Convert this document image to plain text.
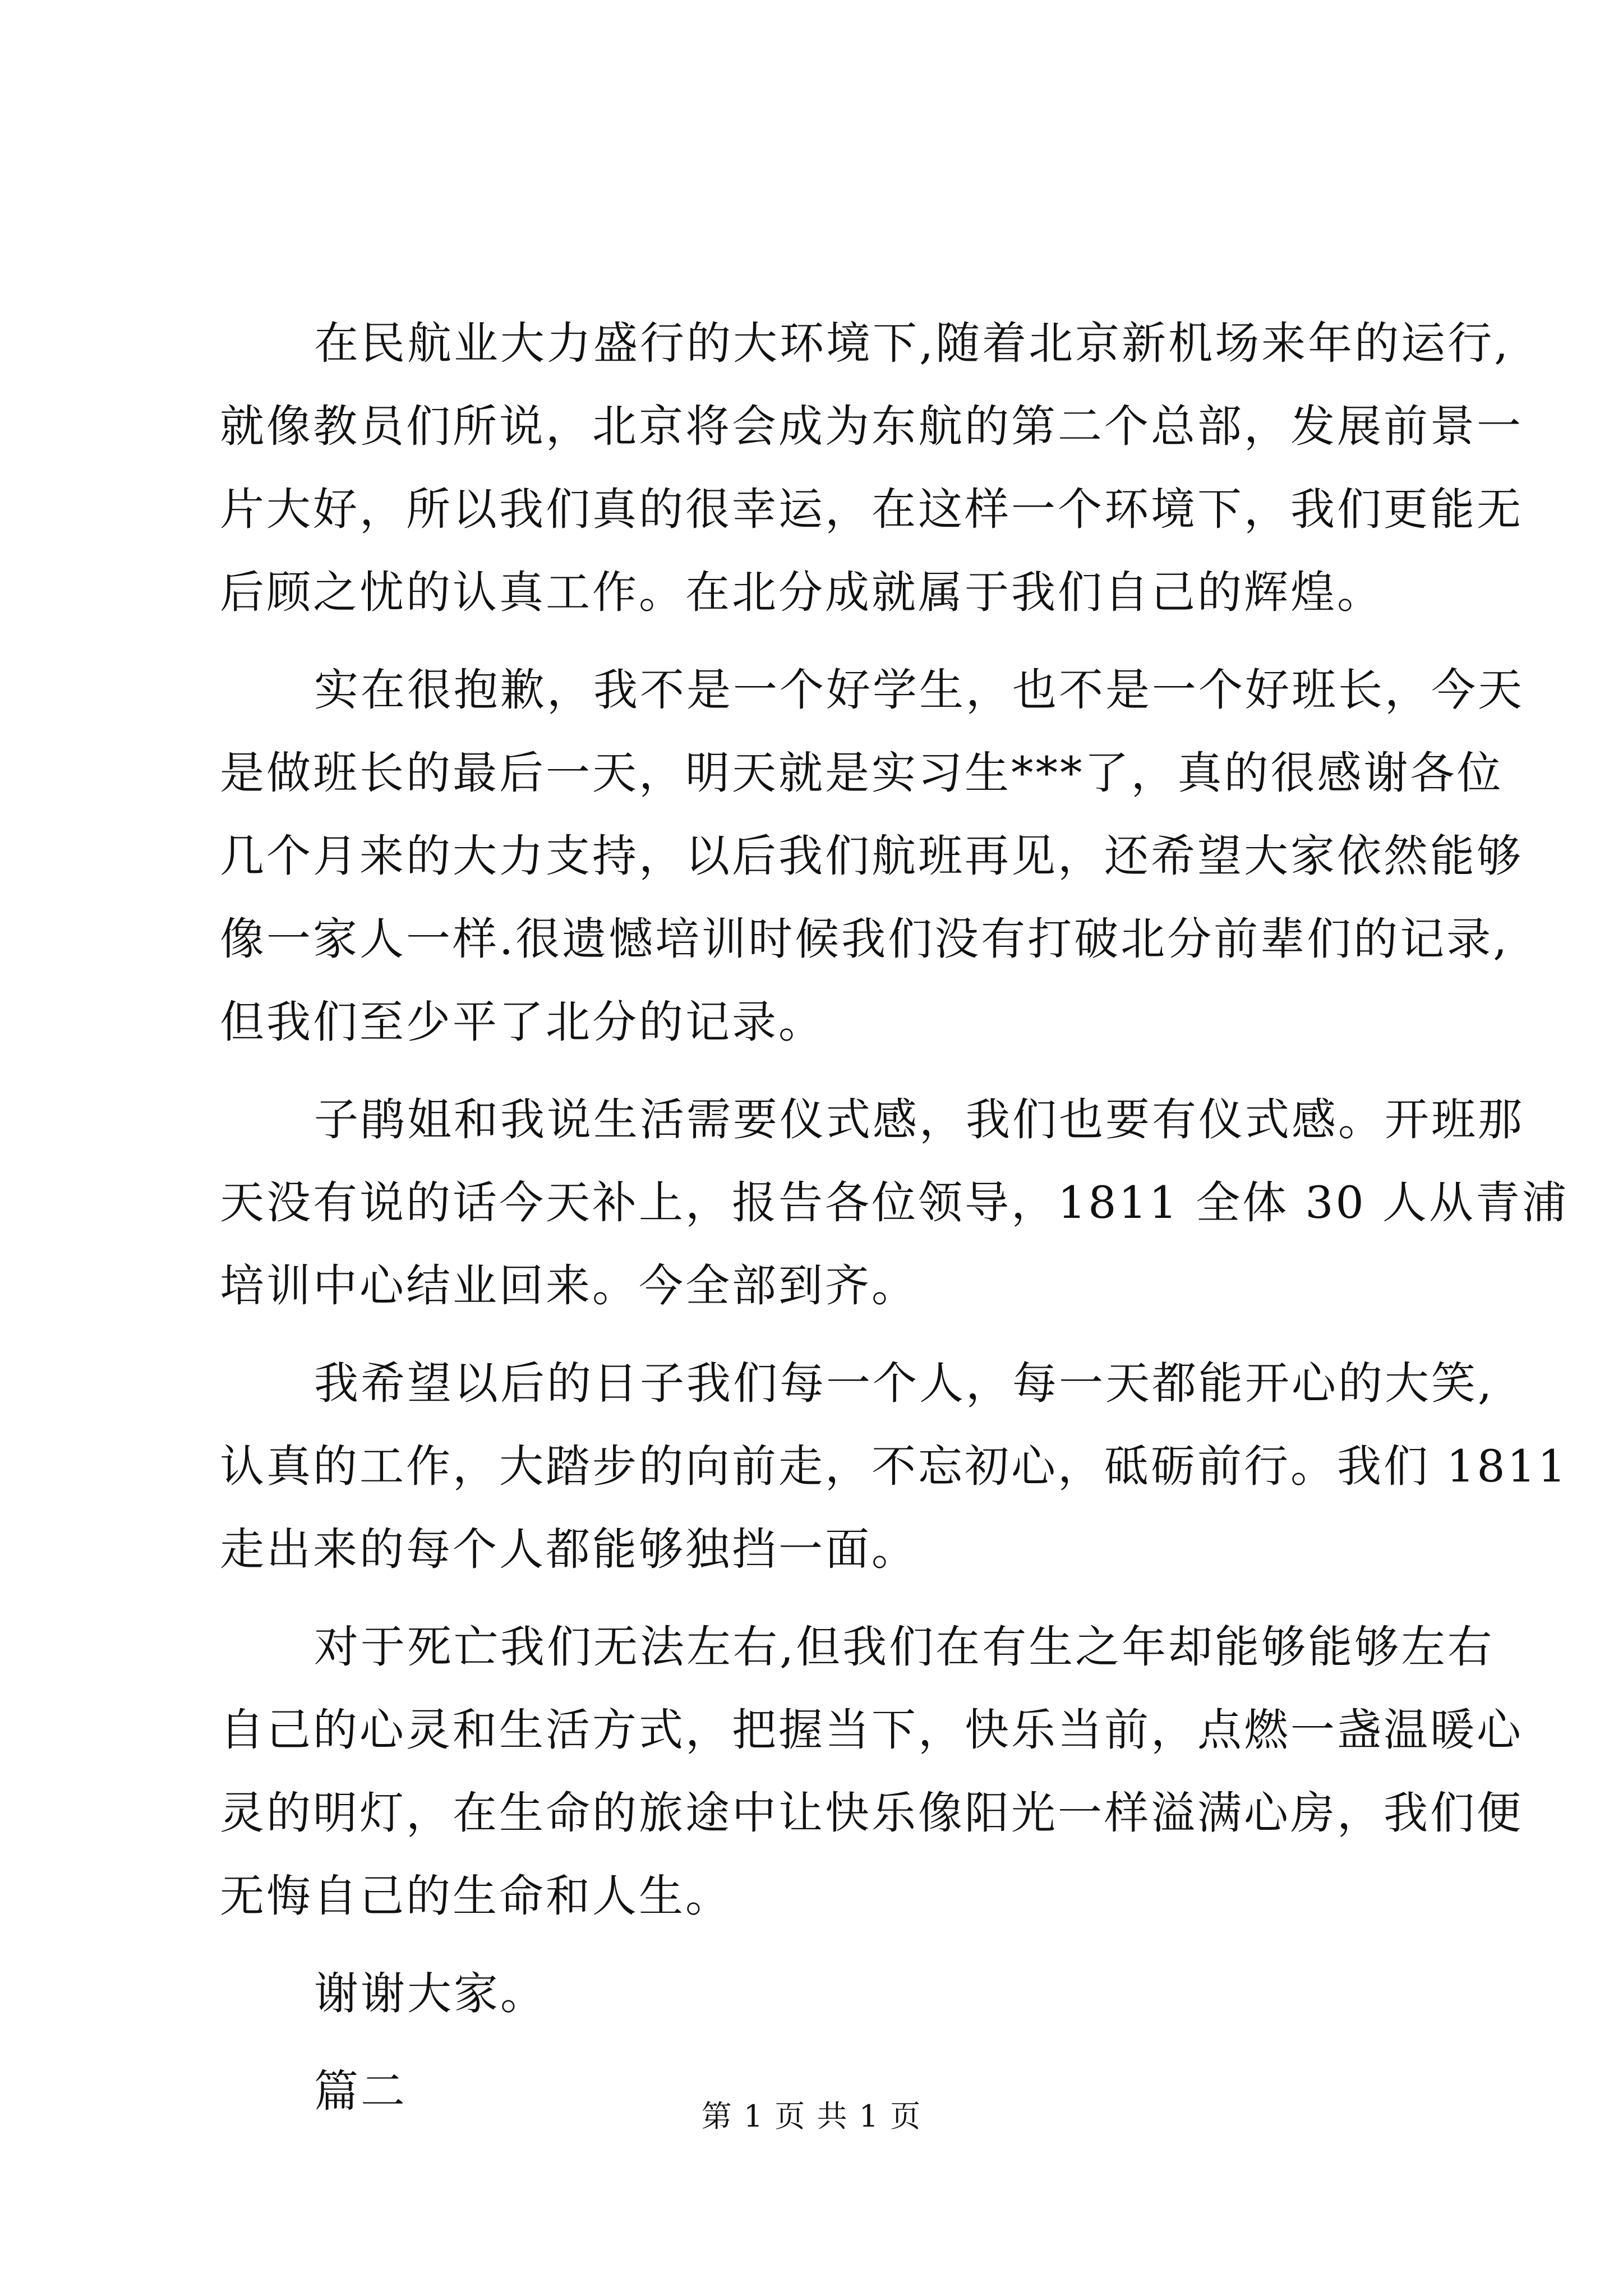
在民航业大力盛行的大环境下,随着北京新机场来年的运行,
就像教员们所说，北京将会成为东航的第二个总部，发展前景一
片大好，所以我们真的很幸运，在这样一个环境下，我们更能无
后顾之忧的认真工作。在北分成就属于我们自己的辉煌。
实在很抱歉，我不是一个好学生，也不是一个好班长，今天
是做班长的最后一天，明天就是实习生***了，真的很感谢各位
几个月来的大力支持，以后我们航班再见，还希望大家依然能够
像一家人一样.很遗憾培训时候我们没有打破北分前辈们的记录,
但我们至少平了北分的记录。
子鹃姐和我说生活需要仪式感，我们也要有仪式感。开班那
天没有说的话今天补上，报告各位领导，1811 全体 30 人从青浦
培训中心结业回来。今全部到齐。
我希望以后的日子我们每一个人，每一天都能开心的大笑,
认真的工作，大踏步的向前走，不忘初心，砥砺前行。我们 1811
走出来的每个人都能够独挡一面。
对于死亡我们无法左右,但我们在有生之年却能够能够左右
自己的心灵和生活方式，把握当下，快乐当前，点燃一盏温暖心
灵的明灯，在生命的旅途中让快乐像阳光一样溢满心房，我们便
无悔自己的生命和人生。
谢谢大家。
篇二	第 1 页 共 1 页
